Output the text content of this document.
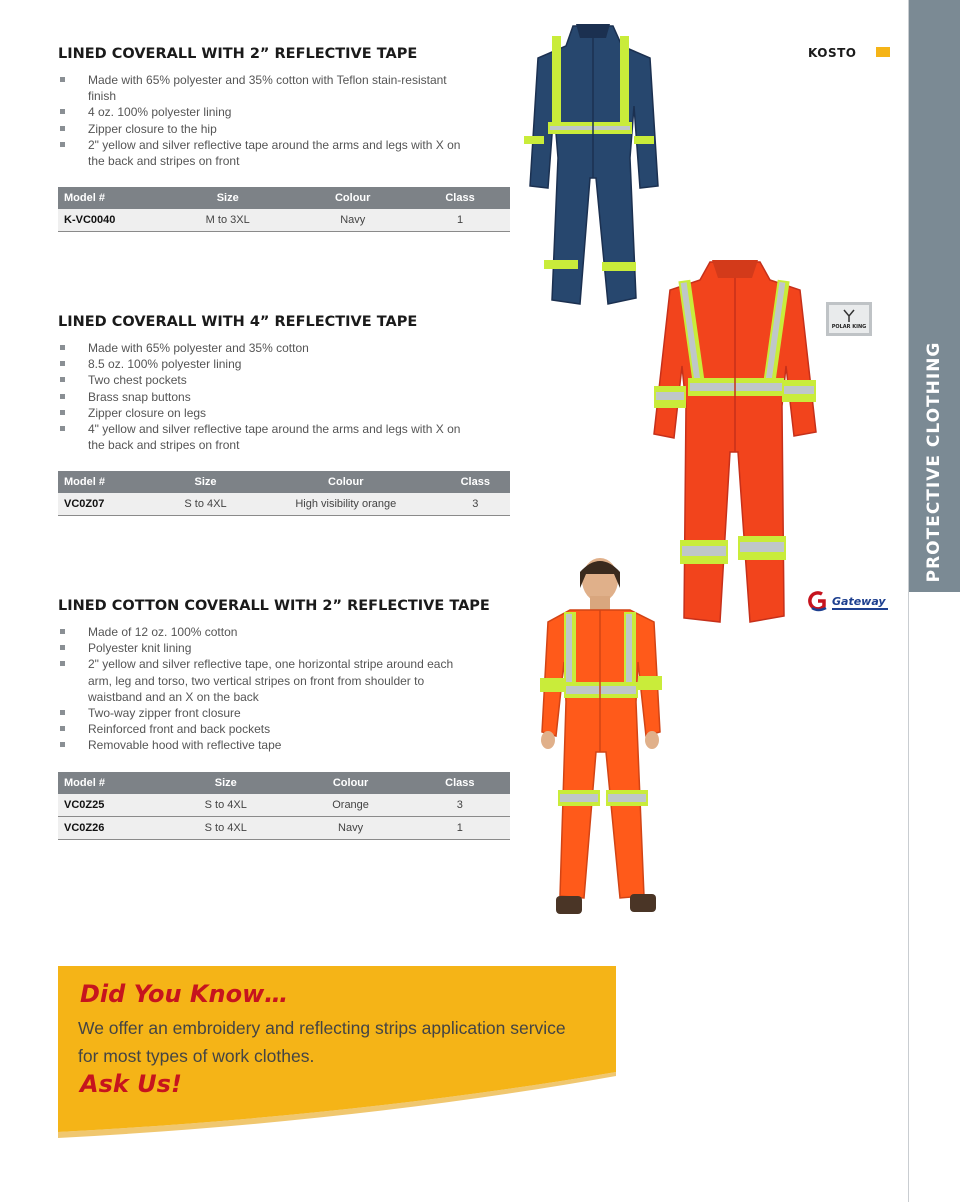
PROTECTIVE CLOTHING
LINED COVERALL WITH 2” REFLECTIVE TAPE
Made with 65% polyester and 35% cotton with Teflon stain-resistant finish
4 oz. 100% polyester lining
Zipper closure to the hip
2" yellow and silver reflective tape around the arms and legs with X on the back and stripes on front
Model #	Size	Colour	Class
K-VC0040	M to 3XL	Navy	1
LINED COVERALL WITH 4” REFLECTIVE TAPE
Made with 65% polyester and 35% cotton
8.5 oz. 100% polyester lining
Two chest pockets
Brass snap buttons
Zipper closure on legs
4" yellow and silver reflective tape around the arms and legs with X on the back and stripes on front
Model #	Size	Colour	Class
VC0Z07	S to 4XL	High visibility orange	3
LINED COTTON COVERALL WITH 2” REFLECTIVE TAPE
Made of 12 oz. 100% cotton
Polyester knit lining
2" yellow and silver reflective tape, one horizontal stripe around each arm, leg and torso, two vertical stripes on front from shoulder to waistband and an X on the back
Two-way zipper front closure
Reinforced front and back pockets
Removable hood with reflective tape
Model #	Size	Colour	Class
VC0Z25	S to 4XL	Orange	3
VC0Z26	S to 4XL	Navy	1
KOSTO
POLAR KING
Gateway
Did You Know…
We offer an embroidery and reflecting strips application service for most types of work clothes.
Ask Us!
